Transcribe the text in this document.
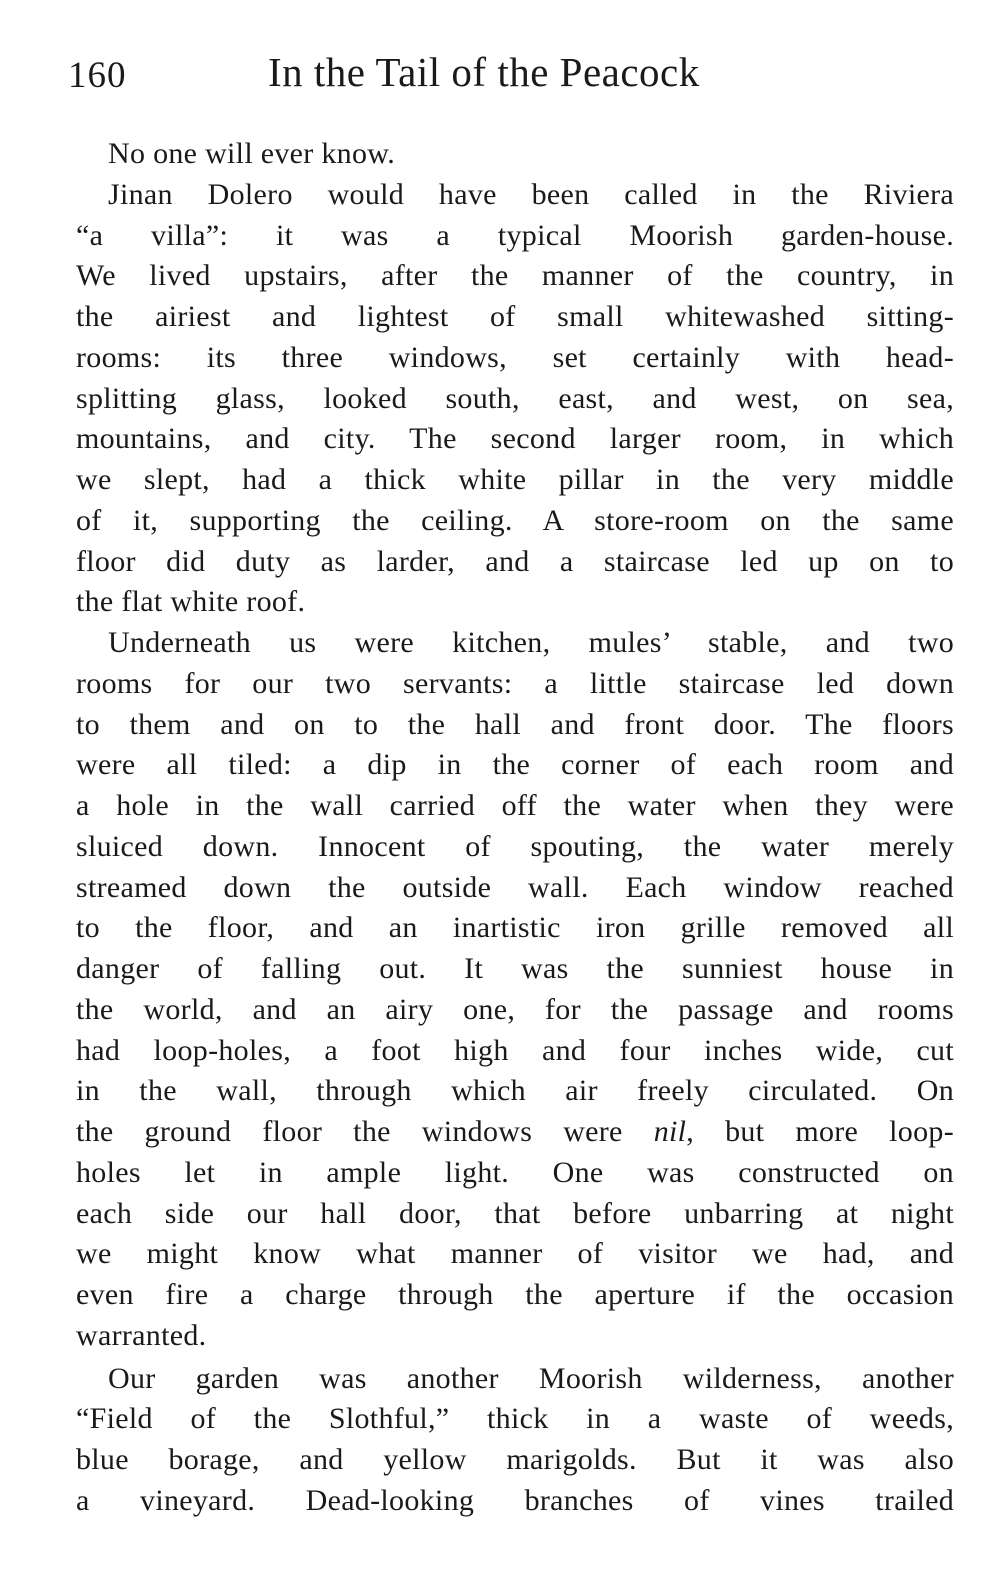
160	In the Tail of the Peacock
No one will ever know.
Jinan Dolero would have been called in the Riviera
“a villa”: it was a typical Moorish garden-house.
We lived upstairs, after the manner of the country, in
the airiest and lightest of small whitewashed sitting-
rooms: its three windows, set certainly with head-
splitting glass, looked south, east, and west, on sea,
mountains, and city. The second larger room, in which
we slept, had a thick white pillar in the very middle
of it, supporting the ceiling. A store-room on the same
floor did duty as larder, and a staircase led up on to
the flat white roof.
Underneath us were kitchen, mules’ stable, and two
rooms for our two servants: a little staircase led down
to them and on to the hall and front door. The floors
were all tiled: a dip in the corner of each room and
a hole in the wall carried off the water when they were
sluiced down. Innocent of spouting, the water merely
streamed down the outside wall. Each window reached
to the floor, and an inartistic iron grille removed all
danger of falling out. It was the sunniest house in
the world, and an airy one, for the passage and rooms
had loop-holes, a foot high and four inches wide, cut
in the wall, through which air freely circulated. On
the ground floor the windows were nil, but more loop-
holes let in ample light. One was constructed on
each side our hall door, that before unbarring at night
we might know what manner of visitor we had, and
even fire a charge through the aperture if the occasion
warranted.
Our garden was another Moorish wilderness, another
“Field of the Slothful,” thick in a waste of weeds,
blue borage, and yellow marigolds. But it was also
a vineyard. Dead-looking branches of vines trailed
